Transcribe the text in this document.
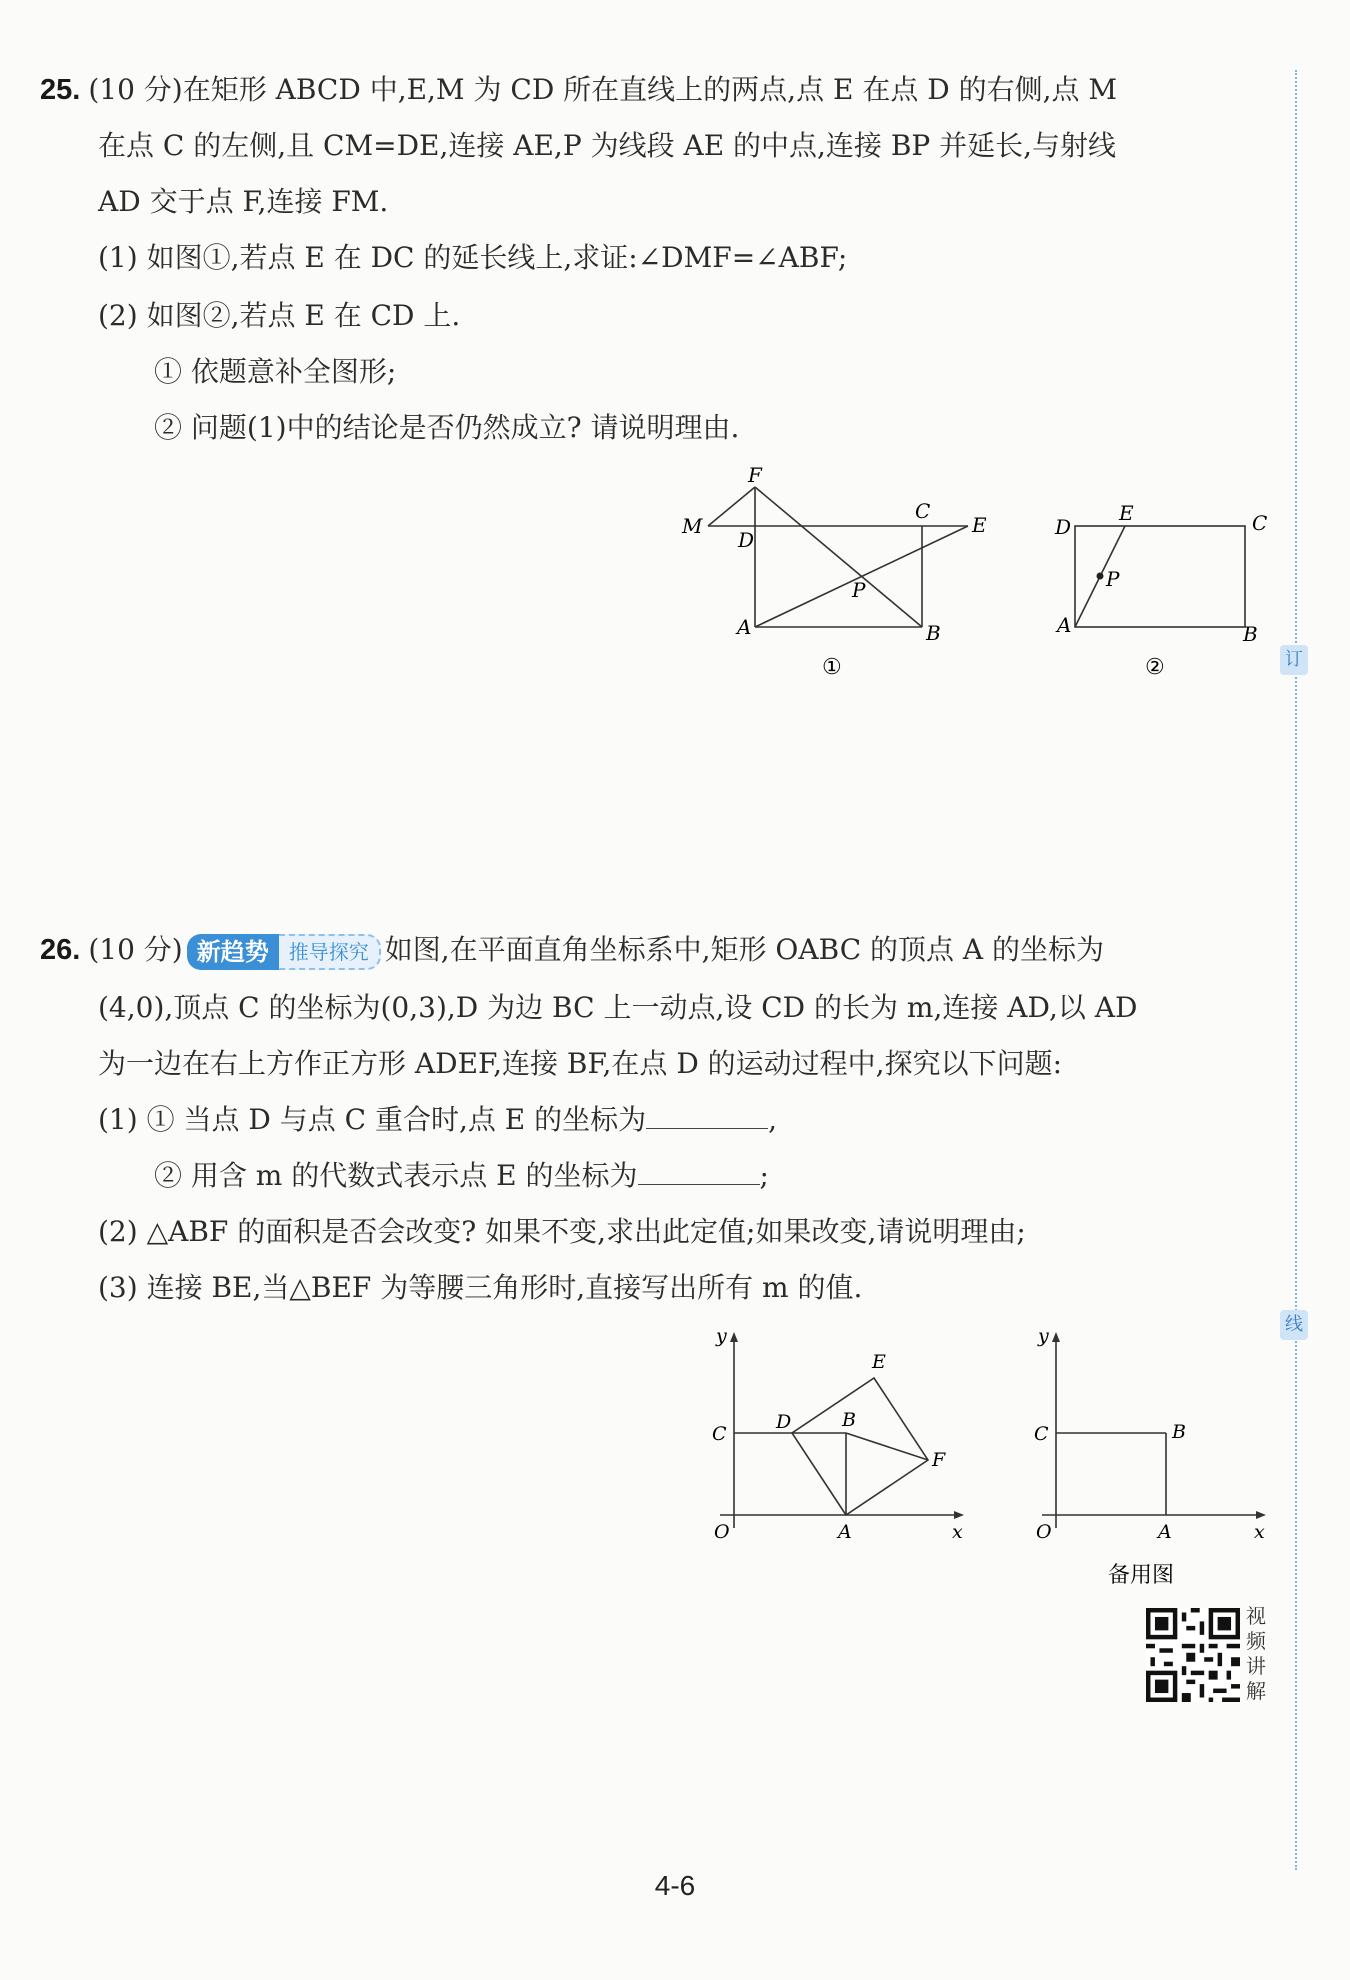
25. (10 分)在矩形 ABCD 中,E,M 为 CD 所在直线上的两点,点 E 在点 D 的右侧,点 M
在点 C 的左侧,且 CM=DE,连接 AE,P 为线段 AE 的中点,连接 BP 并延长,与射线
AD 交于点 F,连接 FM.
(1) 如图①,若点 E 在 DC 的延长线上,求证:∠DMF=∠ABF;
(2) 如图②,若点 E 在 CD 上.
① 依题意补全图形;
② 问题(1)中的结论是否仍然成立? 请说明理由.
F
M
D
C
E
P
A	B
①
D
E	C
P
A	B
②
26. (10 分) 新趋势	推导探究 如图,在平面直角坐标系中,矩形 OABC 的顶点 A 的坐标为
(4,0),顶点 C 的坐标为(0,3),D 为边 BC 上一动点,设 CD 的长为 m,连接 AD,以 AD
为一边在右上方作正方形 ADEF,连接 BF,在点 D 的运动过程中,探究以下问题:
(1) ① 当点 D 与点 C 重合时,点 E 的坐标为	,
② 用含 m 的代数式表示点 E 的坐标为	;
(2) △ABF 的面积是否会改变? 如果不变,求出此定值;如果改变,请说明理由;
(3) 连接 BE,当△BEF 为等腰三角形时,直接写出所有 m 的值.
y
x
O
C
D	B
E
F
A
y
x
O
C	B
A
备用图
视
频
讲
解
订
线
4-6
